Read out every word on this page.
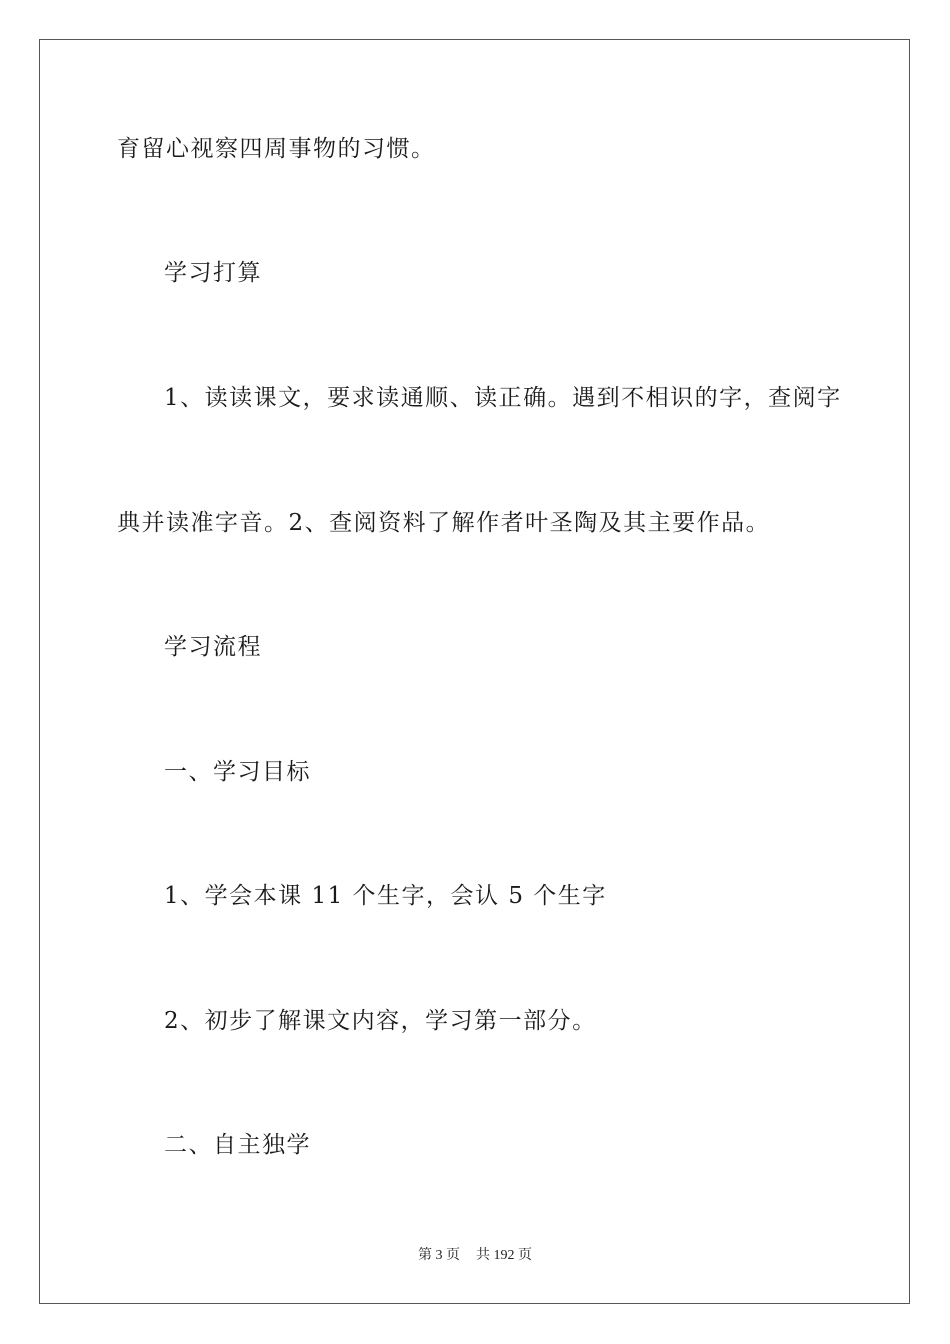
育留心视察四周事物的习惯。
学习打算
1、读读课文，要求读通顺、读正确。遇到不相识的字，查阅字
典并读准字音。2、查阅资料了解作者叶圣陶及其主要作品。
学习流程
一、学习目标
1、学会本课 11 个生字，会认 5 个生字
2、初步了解课文内容，学习第一部分。
二、自主独学
第 3 页 共 192 页
